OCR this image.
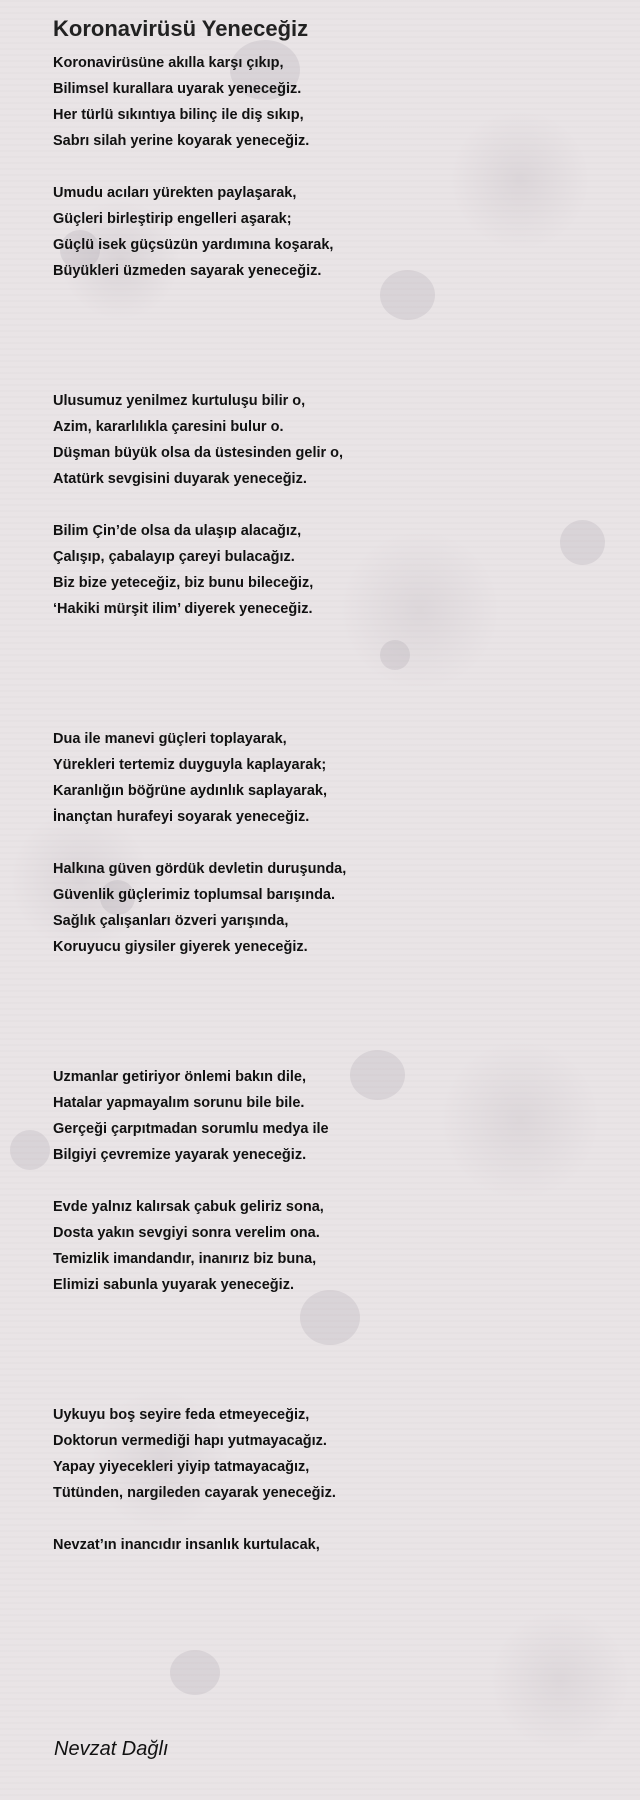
Koronavirüsü Yeneceğiz
Koronavirüsüne akılla karşı çıkıp,
Bilimsel kurallara uyarak yeneceğiz.
Her türlü sıkıntıya bilinç ile diş sıkıp,
Sabrı silah yerine koyarak yeneceğiz.
Umudu acıları yürekten paylaşarak,
Güçleri birleştirip engelleri aşarak;
Güçlü isek güçsüzün yardımına koşarak,
Büyükleri üzmeden sayarak yeneceğiz.
Ulusumuz yenilmez kurtuluşu bilir o,
Azim, kararlılıkla çaresini bulur o.
Düşman büyük olsa da üstesinden gelir o,
Atatürk sevgisini duyarak yeneceğiz.
Bilim Çin’de olsa da ulaşıp alacağız,
Çalışıp, çabalayıp çareyi bulacağız.
Biz bize yeteceğiz, biz bunu bileceğiz,
‘Hakiki mürşit ilim’ diyerek yeneceğiz.
Dua ile manevi güçleri toplayarak,
Yürekleri tertemiz duyguyla kaplayarak;
Karanlığın böğrüne aydınlık saplayarak,
İnançtan hurafeyi soyarak yeneceğiz.
Halkına güven gördük devletin duruşunda,
Güvenlik güçlerimiz toplumsal barışında.
Sağlık çalışanları özveri yarışında,
Koruyucu giysiler giyerek yeneceğiz.
Uzmanlar getiriyor önlemi bakın dile,
Hatalar yapmayalım sorunu bile bile.
Gerçeği çarpıtmadan sorumlu medya ile
Bilgiyi çevremize yayarak yeneceğiz.
Evde yalnız kalırsak çabuk geliriz sona,
Dosta yakın sevgiyi sonra verelim ona.
Temizlik imandandır, inanırız biz buna,
Elimizi sabunla yuyarak yeneceğiz.
Uykuyu boş seyire feda etmeyeceğiz,
Doktorun vermediği hapı yutmayacağız.
Yapay yiyecekleri yiyip tatmayacağız,
Tütünden, nargileden cayarak yeneceğiz.
Nevzat’ın inancıdır insanlık kurtulacak,
Nevzat Dağlı
